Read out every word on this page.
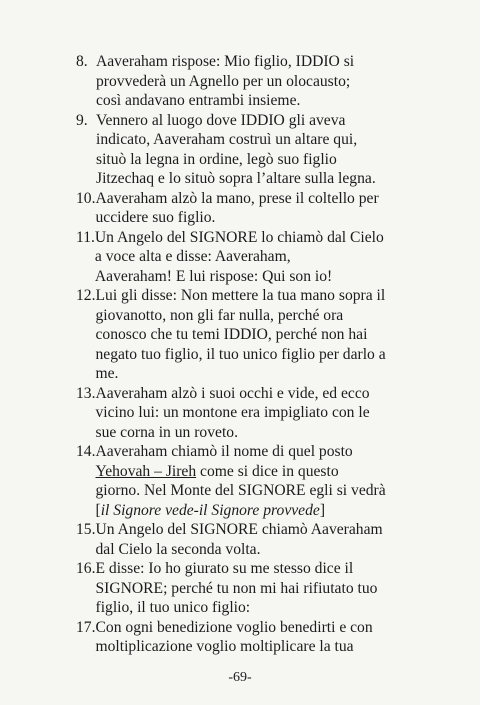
8. Aaveraham rispose: Mio figlio, IDDIO si
provvederà un Agnello per un olocausto;
così andavano entrambi insieme.
9. Vennero al luogo dove IDDIO gli aveva
indicato, Aaveraham costruì un altare qui,
situò la legna in ordine, legò suo figlio
Jitzechaq e lo situò sopra l’altare sulla legna.
10. Aaveraham alzò la mano, prese il coltello per
uccidere suo figlio.
11. Un Angelo del SIGNORE lo chiamò dal Cielo
a voce alta e disse: Aaveraham,
Aaveraham! E lui rispose: Qui son io!
12. Lui gli disse: Non mettere la tua mano sopra il
giovanotto, non gli far nulla, perché ora
conosco che tu temi IDDIO, perché non hai
negato tuo figlio, il tuo unico figlio per darlo a
me.
13. Aaveraham alzò i suoi occhi e vide, ed ecco
vicino lui: un montone era impigliato con le
sue corna in un roveto.
14. Aaveraham chiamò il nome di quel posto
Yehovah – Jireh come si dice in questo
giorno. Nel Monte del SIGNORE egli si vedrà
[il Signore vede-il Signore provvede]
15. Un Angelo del SIGNORE chiamò Aaveraham
dal Cielo la seconda volta.
16. E disse: Io ho giurato su me stesso dice il
SIGNORE; perché tu non mi hai rifiutato tuo
figlio, il tuo unico figlio:
17. Con ogni benedizione voglio benedirti e con
moltiplicazione voglio moltiplicare la tua
-69-
